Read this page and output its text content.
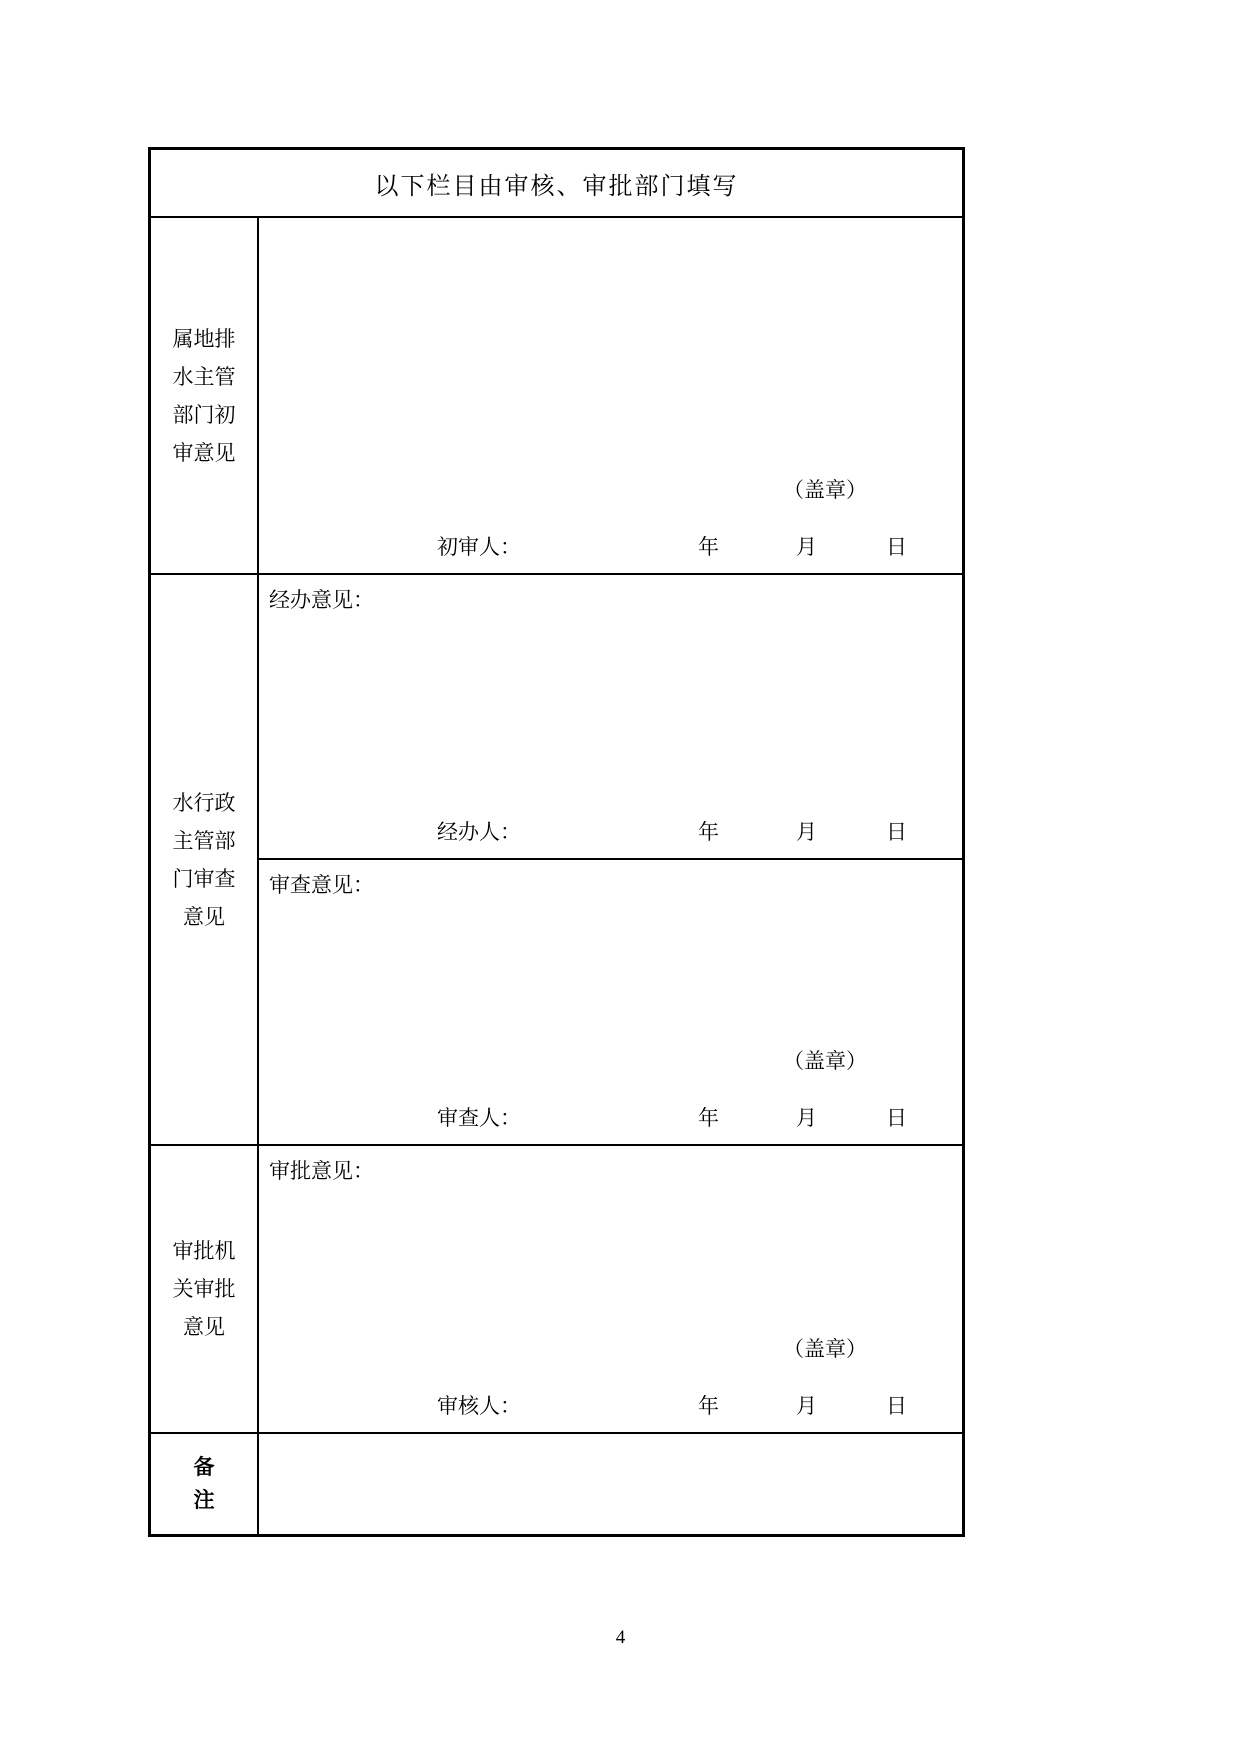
以下栏目由审核、审批部门填写
属地排
水主管
部门初
审意见
（盖章）
初审人：	年	月	日
水行政
主管部
门审查
意见
经办意见：
经办人：	年	月	日
审查意见：
（盖章）
审查人：	年	月	日
审批机
关审批
意见
审批意见：
（盖章）
审核人：	年	月	日
备
注
4
